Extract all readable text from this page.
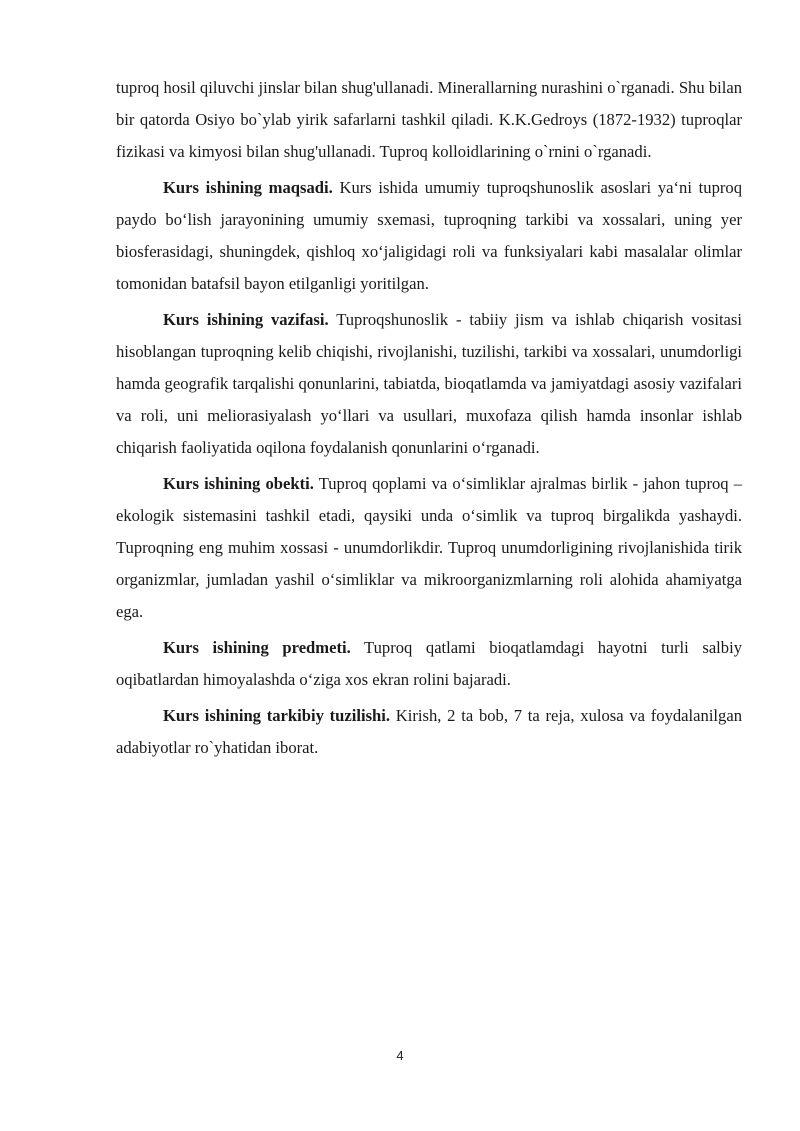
tuproq hosil qiluvchi jinslar bilan shug'ullanadi. Minerallarning nurashini o`rganadi. Shu bilan bir qatorda Osiyo bo`ylab yirik safarlarni tashkil qiladi. K.K.Gedroys (1872-1932) tuproqlar fizikasi va kimyosi bilan shug'ullanadi. Tuproq kolloidlarining o`rnini o`rganadi.

Kurs ishining maqsadi. Kurs ishida umumiy tuproqshunoslik asoslari ya‘ni tuproq paydo bo‘lish jarayonining umumiy sxemasi, tuproqning tarkibi va xossalari, uning yer biosferasidagi, shuningdek, qishloq xo‘jaligidagi roli va funksiyalari kabi masalalar olimlar tomonidan batafsil bayon etilganligi yoritilgan.

Kurs ishining vazifasi. Tuproqshunoslik - tabiiy jism va ishlab chiqarish vositasi hisoblangan tuproqning kelib chiqishi, rivojlanishi, tuzilishi, tarkibi va xossalari, unumdorligi hamda geografik tarqalishi qonunlarini, tabiatda, bioqatlamda va jamiyatdagi asosiy vazifalari va roli, uni meliorasiyalash yo‘llari va usullari, muxofaza qilish hamda insonlar ishlab chiqarish faoliyatida oqilona foydalanish qonunlarini o‘rganadi.

Kurs ishining obekti. Tuproq qoplami va o‘simliklar ajralmas birlik - jahon tuproq – ekologik sistemasini tashkil etadi, qaysiki unda o‘simlik va tuproq birgalikda yashaydi. Tuproqning eng muhim xossasi - unumdorlikdir. Tuproq unumdorligining rivojlanishida tirik organizmlar, jumladan yashil o‘simliklar va mikroorganizmlarning roli alohida ahamiyatga ega.

Kurs ishining predmeti. Tuproq qatlami bioqatlamdagi hayotni turli salbiy oqibatlardan himoyalashda o‘ziga xos ekran rolini bajaradi.

Kurs ishining tarkibiy tuzilishi. Kirish, 2 ta bob, 7 ta reja, xulosa va foydalanilgan adabiyotlar ro`yhatidan iborat.

4
